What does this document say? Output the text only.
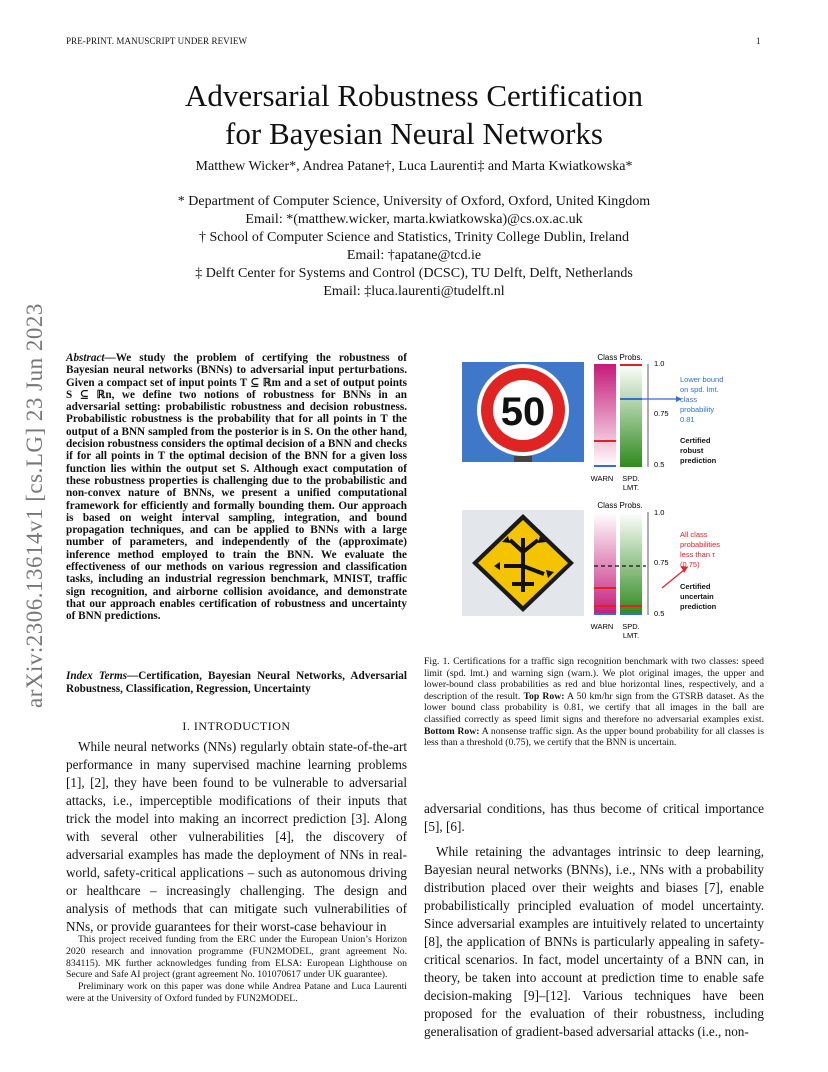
PRE-PRINT. MANUSCRIPT UNDER REVIEW	1
Adversarial Robustness Certification
for Bayesian Neural Networks
Matthew Wicker*, Andrea Patane†, Luca Laurenti‡ and Marta Kwiatkowska*
* Department of Computer Science, University of Oxford, Oxford, United Kingdom
Email: *(matthew.wicker, marta.kwiatkowska)@cs.ox.ac.uk
† School of Computer Science and Statistics, Trinity College Dublin, Ireland
Email: †apatane@tcd.ie
‡ Delft Center for Systems and Control (DCSC), TU Delft, Delft, Netherlands
Email: ‡luca.laurenti@tudelft.nl
arXiv:2306.13614v1 [cs.LG] 23 Jun 2023 Abstract—We study the problem of certifying the robustness of Bayesian neural networks (BNNs) to adversarial input perturbations. Given a compact set of input points T ⊆ ℝm and a set of output points S ⊆ ℝn, we define two notions of robustness for BNNs in an adversarial setting: probabilistic robustness and decision robustness. Probabilistic robustness is the probability that for all points in T the output of a BNN sampled from the posterior is in S. On the other hand, decision robustness considers the optimal decision of a BNN and checks if for all points in T the optimal decision of the BNN for a given loss function lies within the output set S. Although exact computation of these robustness properties is challenging due to the probabilistic and non-convex nature of BNNs, we present a unified computational framework for efficiently and formally bounding them. Our approach is based on weight interval sampling, integration, and bound propagation techniques, and can be applied to BNNs with a large number of parameters, and independently of the (approximate) inference method employed to train the BNN. We evaluate the effectiveness of our methods on various regression and classification tasks, including an industrial regression benchmark, MNIST, traffic sign recognition, and airborne collision avoidance, and demonstrate that our approach enables certification of robustness and uncertainty of BNN predictions.
Index Terms—Certification, Bayesian Neural Networks, Adversarial Robustness, Classification, Regression, Uncertainty
I. INTRODUCTION
While neural networks (NNs) regularly obtain state-of-the-art performance in many supervised machine learning problems [1], [2], they have been found to be vulnerable to adversarial attacks, i.e., imperceptible modifications of their inputs that trick the model into making an incorrect prediction [3]. Along with several other vulnerabilities [4], the discovery of adversarial examples has made the deployment of NNs in real-world, safety-critical applications – such as autonomous driving or healthcare – increasingly challenging. The design and analysis of methods that can mitigate such vulnerabilities of NNs, or provide guarantees for their worst-case behaviour in

This project received funding from the ERC under the European Union’s Horizon 2020 research and innovation programme (FUN2MODEL, grant agreement No. 834115). MK further acknowledges funding from ELSA: European Lighthouse on Secure and Safe AI project (grant agreement No. 101070617 under UK guarantee).

Preliminary work on this paper was done while Andrea Patane and Luca Laurenti were at the University of Oxford funded by FUN2MODEL.

50
Class Probs.
1.0
0.75
0.5
WARN SPD.
LMT.
Lower bound
on spd. lmt.
class
probability
0.81
Certified
robust
prediction
Class Probs.
1.0
0.75
0.5
WARN SPD.
LMT.
All class
probabilities
less than τ
(0.75)
Certified
uncertain
prediction
Fig. 1. Certifications for a traffic sign recognition benchmark with two classes: speed limit (spd. lmt.) and warning sign (warn.). We plot original images, the upper and lower-bound class probabilities as red and blue horizontal lines, respectively, and a description of the result. Top Row: A 50 km/hr sign from the GTSRB dataset. As the lower bound class probability is 0.81, we certify that all images in the ball are classified correctly as speed limit signs and therefore no adversarial examples exist. Bottom Row: A nonsense traffic sign. As the upper bound probability for all classes is less than a threshold (0.75), we certify that the BNN is uncertain.

adversarial conditions, has thus become of critical importance [5], [6].

While retaining the advantages intrinsic to deep learning, Bayesian neural networks (BNNs), i.e., NNs with a probability distribution placed over their weights and biases [7], enable probabilistically principled evaluation of model uncertainty. Since adversarial examples are intuitively related to uncertainty [8], the application of BNNs is particularly appealing in safety-critical scenarios. In fact, model uncertainty of a BNN can, in theory, be taken into account at prediction time to enable safe decision-making [9]–[12]. Various techniques have been proposed for the evaluation of their robustness, including generalisation of gradient-based adversarial attacks (i.e., non-
